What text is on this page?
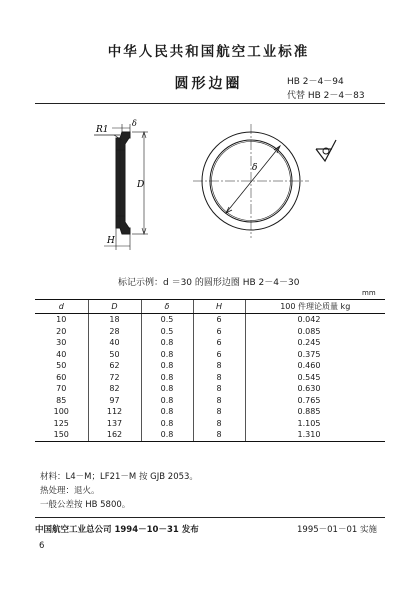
中华人民共和国航空工业标准
圆形边圈	HB 2－4－94
代替 HB 2－4－83
R1
δ
D
H
δ
标记示例：d ＝30 的圆形边圈 HB 2－4－30
mm
d	D	δ	H	100 件理论质量 kg
10	18	0.5	6	0.042
20	28	0.5	6	0.085
30	40	0.8	6	0.245
40	50	0.8	6	0.375
50	62	0.8	8	0.460
60	72	0.8	8	0.545
70	82	0.8	8	0.630
85	97	0.8	8	0.765
100	112	0.8	8	0.885
125	137	0.8	8	1.105
150	162	0.8	8	1.310
材料：L4－M；LF21－M 按 GJB 2053。
热处理：退火。
一般公差按 HB 5800。
中国航空工业总公司 1994－10－31 发布	1995－01－01 实施
6
